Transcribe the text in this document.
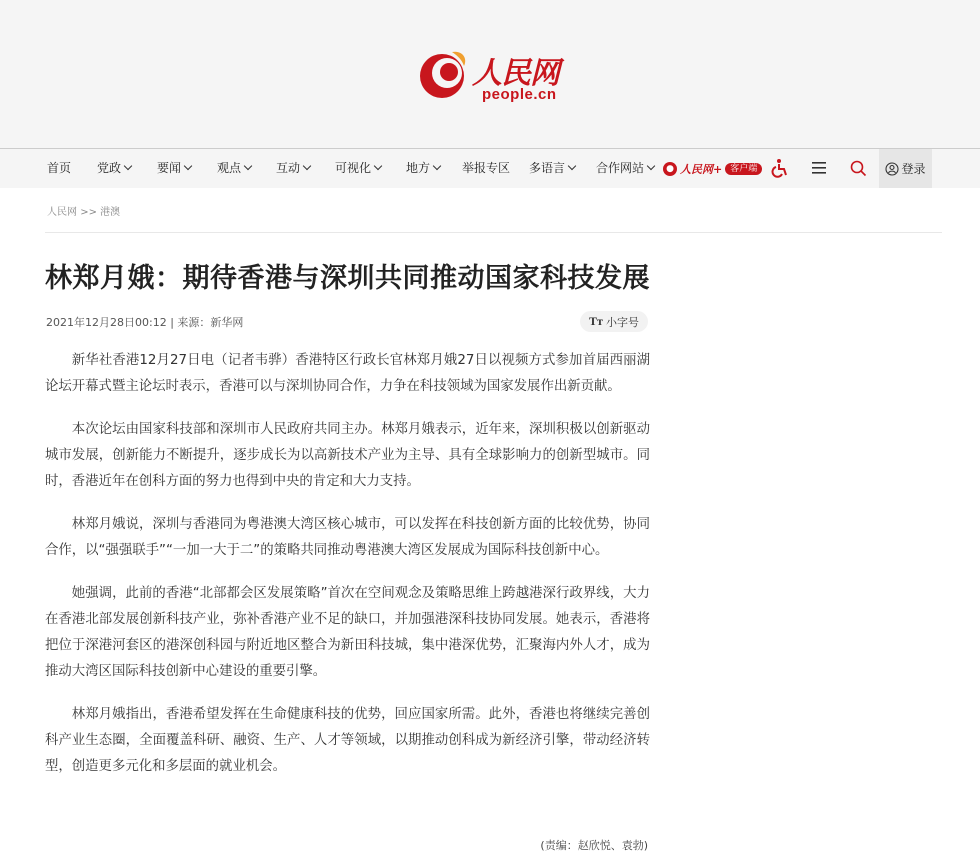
人民网
people.cn
首页 党政	要闻	观点	互动	可视化	地方	举报专区 多语言	合作网站	● 人民网+ 客户端	登录
人民网 >> 港澳
林郑月娥：期待香港与深圳共同推动国家科技发展
2021年12月28日00:12 | 来源：新华网	Tт 小字号

新华社香港12月27日电（记者韦骅）香港特区行政长官林郑月娥27日以视频方式参加首届西丽湖论坛开幕式暨主论坛时表示，香港可以与深圳协同合作，力争在科技领域为国家发展作出新贡献。

本次论坛由国家科技部和深圳市人民政府共同主办。林郑月娥表示，近年来，深圳积极以创新驱动城市发展，创新能力不断提升，逐步成长为以高新技术产业为主导、具有全球影响力的创新型城市。同时，香港近年在创科方面的努力也得到中央的肯定和大力支持。

林郑月娥说，深圳与香港同为粤港澳大湾区核心城市，可以发挥在科技创新方面的比较优势，协同合作，以“强强联手”“一加一大于二”的策略共同推动粤港澳大湾区发展成为国际科技创新中心。

她强调，此前的香港“北部都会区发展策略”首次在空间观念及策略思维上跨越港深行政界线，大力在香港北部发展创新科技产业，弥补香港产业不足的缺口，并加强港深科技协同发展。她表示，香港将把位于深港河套区的港深创科园与附近地区整合为新田科技城，集中港深优势，汇聚海内外人才，成为推动大湾区国际科技创新中心建设的重要引擎。

林郑月娥指出，香港希望发挥在生命健康科技的优势，回应国家所需。此外，香港也将继续完善创科产业生态圈，全面覆盖科研、融资、生产、人才等领域，以期推动创科成为新经济引擎，带动经济转型，创造更多元化和多层面的就业机会。

(责编：赵欣悦、袁勃)
